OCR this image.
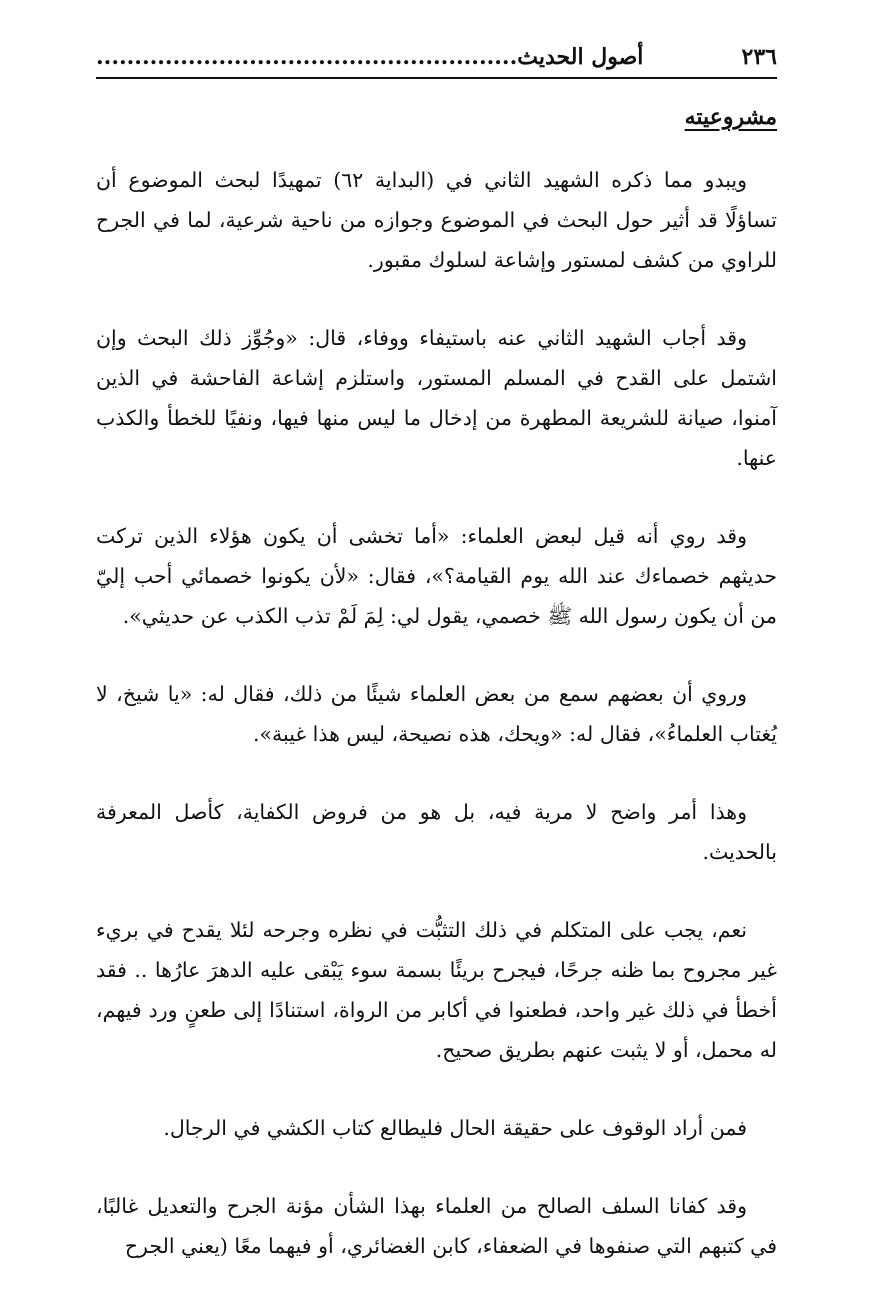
٢٣٦
أصول الحديث
.......................................................
مشروعيته

ويبدو مما ذكره الشهيد الثاني في (البداية ٦٢) تمهيدًا لبحث الموضوع أن تساؤلًا قد أثير حول البحث في الموضوع وجوازه من ناحية شرعية، لما في الجرح للراوي من كشف لمستور وإشاعة لسلوك مقبور.

وقد أجاب الشهيد الثاني عنه باستيفاء ووفاء، قال: «وجُوِّز ذلك البحث وإن اشتمل على القدح في المسلم المستور، واستلزم إشاعة الفاحشة في الذين آمنوا، صيانة للشريعة المطهرة من إدخال ما ليس منها فيها، ونفيًا للخطأ والكذب عنها.

وقد روي أنه قيل لبعض العلماء: «أما تخشى أن يكون هؤلاء الذين تركت حديثهم خصماءك عند الله يوم القيامة؟»، فقال: «لأن يكونوا خصمائي أحب إليّ من أن يكون رسول الله ﷺ خصمي، يقول لي: لِمَ لَمْ تذب الكذب عن حديثي».

وروي أن بعضهم سمع من بعض العلماء شيئًا من ذلك، فقال له: «يا شيخ، لا يُغتاب العلماءُ»، فقال له: «ويحك، هذه نصيحة، ليس هذا غيبة».

وهذا أمر واضح لا مرية فيه، بل هو من فروض الكفاية، كأصل المعرفة بالحديث.

نعم، يجب على المتكلم في ذلك التثبُّت في نظره وجرحه لئلا يقدح في بريء غير مجروح بما ظنه جرحًا، فيجرح بريئًا بسمة سوء يَبْقى عليه الدهرَ عارُها .. فقد أخطأ في ذلك غير واحد، فطعنوا في أكابر من الرواة، استنادًا إلى طعنٍ ورد فيهم، له محمل، أو لا يثبت عنهم بطريق صحيح.

فمن أراد الوقوف على حقيقة الحال فليطالع كتاب الكشي في الرجال.

وقد كفانا السلف الصالح من العلماء بهذا الشأن مؤنة الجرح والتعديل غالبًا، في كتبهم التي صنفوها في الضعفاء، كابن الغضائري، أو فيهما معًا (يعني الجرح
